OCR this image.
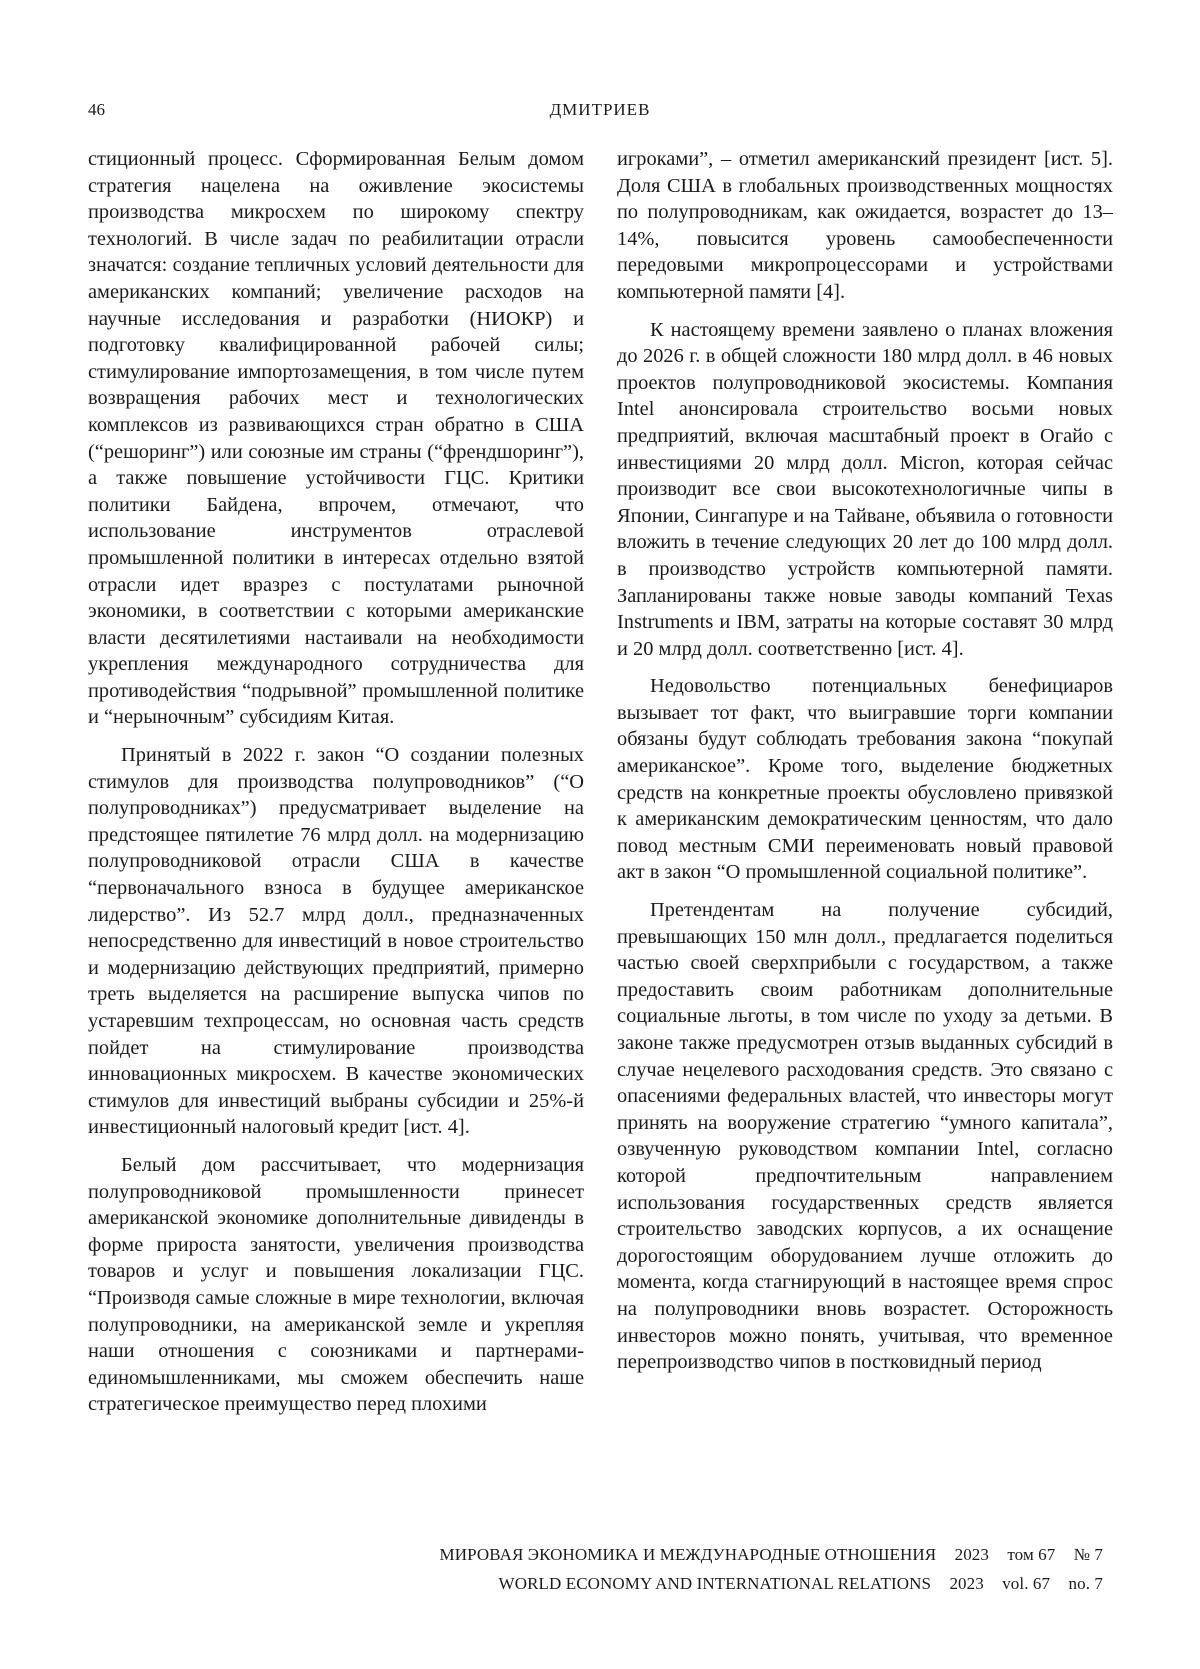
46	ДМИТРИЕВ

стиционный процесс. Сформированная Белым домом стратегия нацелена на оживление экосистемы производства микросхем по широкому спектру технологий. В числе задач по реабилитации отрасли значатся: создание тепличных условий деятельности для американских компаний; увеличение расходов на научные исследования и разработки (НИОКР) и подготовку квалифицированной рабочей силы; стимулирование импортозамещения, в том числе путем возвращения рабочих мест и технологических комплексов из развивающихся стран обратно в США (“решоринг”) или союзные им страны (“френдшоринг”), а также повышение устойчивости ГЦС. Критики политики Байдена, впрочем, отмечают, что использование инструментов отраслевой промышленной политики в интересах отдельно взятой отрасли идет вразрез с постулатами рыночной экономики, в соответствии с которыми американские власти десятилетиями настаивали на необходимости укрепления международного сотрудничества для противодействия “подрывной” промышленной политике и “нерыночным” субсидиям Китая.

Принятый в 2022 г. закон “О создании полезных стимулов для производства полупроводников” (“О полупроводниках”) предусматривает выделение на предстоящее пятилетие 76 млрд долл. на модернизацию полупроводниковой отрасли США в качестве “первоначального взноса в будущее американское лидерство”. Из 52.7 млрд долл., предназначенных непосредственно для инвестиций в новое строительство и модернизацию действующих предприятий, примерно треть выделяется на расширение выпуска чипов по устаревшим техпроцессам, но основная часть средств пойдет на стимулирование производства инновационных микросхем. В качестве экономических стимулов для инвестиций выбраны субсидии и 25%-й инвестиционный налоговый кредит [ист. 4].

Белый дом рассчитывает, что модернизация полупроводниковой промышленности принесет американской экономике дополнительные дивиденды в форме прироста занятости, увеличения производства товаров и услуг и повышения локализации ГЦС. “Производя самые сложные в мире технологии, включая полупроводники, на американской земле и укрепляя наши отношения с союзниками и партнерами-единомышленниками, мы сможем обеспечить наше стратегическое преимущество перед плохими

игроками”, – отметил американский президент [ист. 5]. Доля США в глобальных производственных мощностях по полупроводникам, как ожидается, возрастет до 13–14%, повысится уровень самообеспеченности передовыми микропроцессорами и устройствами компьютерной памяти [4].

К настоящему времени заявлено о планах вложения до 2026 г. в общей сложности 180 млрд долл. в 46 новых проектов полупроводниковой экосистемы. Компания Intel анонсировала строительство восьми новых предприятий, включая масштабный проект в Огайо с инвестициями 20 млрд долл. Micron, которая сейчас производит все свои высокотехнологичные чипы в Японии, Сингапуре и на Тайване, объявила о готовности вложить в течение следующих 20 лет до 100 млрд долл. в производство устройств компьютерной памяти. Запланированы также новые заводы компаний Texas Instruments и IBM, затраты на которые составят 30 млрд и 20 млрд долл. соответственно [ист. 4].

Недовольство потенциальных бенефициаров вызывает тот факт, что выигравшие торги компании обязаны будут соблюдать требования закона “покупай американское”. Кроме того, выделение бюджетных средств на конкретные проекты обусловлено привязкой к американским демократическим ценностям, что дало повод местным СМИ переименовать новый правовой акт в закон “О промышленной социальной политике”.

Претендентам на получение субсидий, превышающих 150 млн долл., предлагается поделиться частью своей сверхприбыли с государством, а также предоставить своим работникам дополнительные социальные льготы, в том числе по уходу за детьми. В законе также предусмотрен отзыв выданных субсидий в случае нецелевого расходования средств. Это связано с опасениями федеральных властей, что инвесторы могут принять на вооружение стратегию “умного капитала”, озвученную руководством компании Intel, согласно которой предпочтительным направлением использования государственных средств является строительство заводских корпусов, а их оснащение дорогостоящим оборудованием лучше отложить до момента, когда стагнирующий в настоящее время спрос на полупроводники вновь возрастет. Осторожность инвесторов можно понять, учитывая, что временное перепроизводство чипов в постковидный период

МИРОВАЯ ЭКОНОМИКА И МЕЖДУНАРОДНЫЕ ОТНОШЕНИЯ 2023 том 67 № 7
WORLD ECONOMY AND INTERNATIONAL RELATIONS 2023 vol. 67 no. 7
